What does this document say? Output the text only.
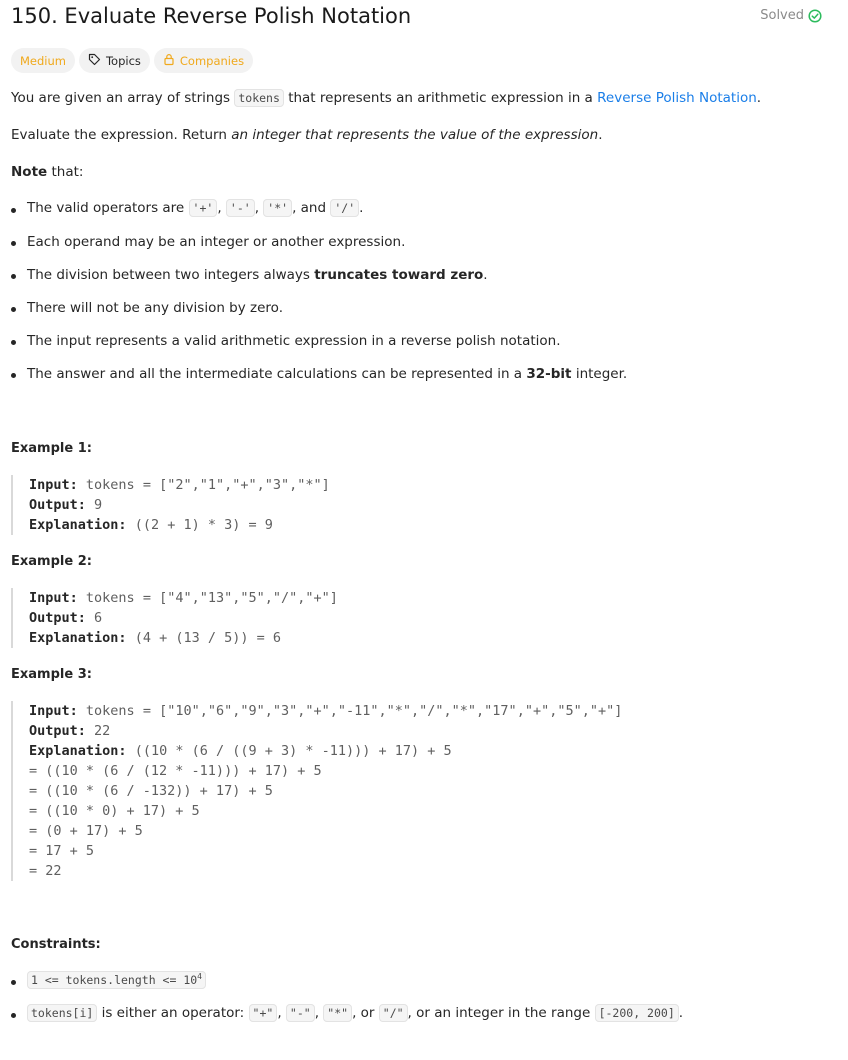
150. Evaluate Reverse Polish Notation	Solved
Medium	Topics	Companies
You are given an array of strings tokens that represents an arithmetic expression in a Reverse Polish Notation.
Evaluate the expression. Return an integer that represents the value of the expression.
Note that:
The valid operators are '+' , '-' , '*' , and '/' .
Each operand may be an integer or another expression.
The division between two integers always truncates toward zero.
There will not be any division by zero.
The input represents a valid arithmetic expression in a reverse polish notation.
The answer and all the intermediate calculations can be represented in a 32-bit integer.
Example 1:
Input: tokens = ["2","1","+","3","*"]
Output: 9
Explanation: ((2 + 1) * 3) = 9
Example 2:
Input: tokens = ["4","13","5","/","+"]
Output: 6
Explanation: (4 + (13 / 5)) = 6
Example 3:
Input: tokens = ["10","6","9","3","+","-11","*","/","*","17","+","5","+"]
Output: 22
Explanation: ((10 * (6 / ((9 + 3) * -11))) + 17) + 5
= ((10 * (6 / (12 * -11))) + 17) + 5
= ((10 * (6 / -132)) + 17) + 5
= ((10 * 0) + 17) + 5
= (0 + 17) + 5
= 17 + 5
= 22
Constraints:
1 <= tokens.length <= $10^4$
tokens[i] is either an operator: "+" , "-" , "*" , or "/" , or an integer in the range [-200, 200] .
